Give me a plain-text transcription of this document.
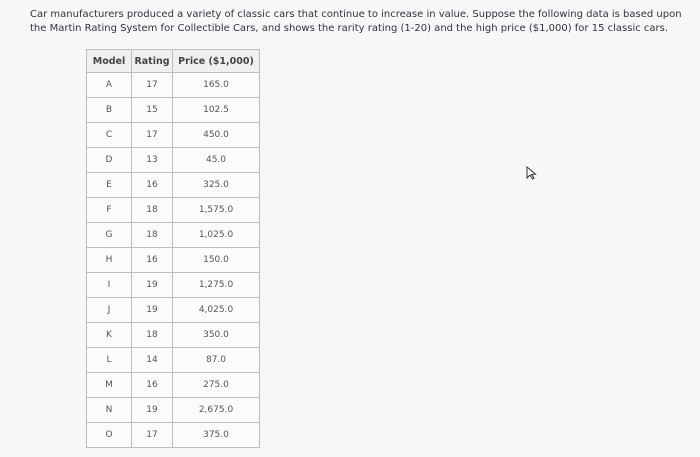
Car manufacturers produced a variety of classic cars that continue to increase in value. Suppose the following data is based upon the Martin Rating System for Collectible Cars, and shows the rarity rating (1-20) and the high price ($1,000) for 15 classic cars.
Model	Rating	Price ($1,000)
A	17	165.0
B	15	102.5
C	17	450.0
D	13	45.0
E	16	325.0
F	18	1,575.0
G	18	1,025.0
H	16	150.0
I	19	1,275.0
J	19	4,025.0
K	18	350.0
L	14	87.0
M	16	275.0
N	19	2,675.0
O	17	375.0
